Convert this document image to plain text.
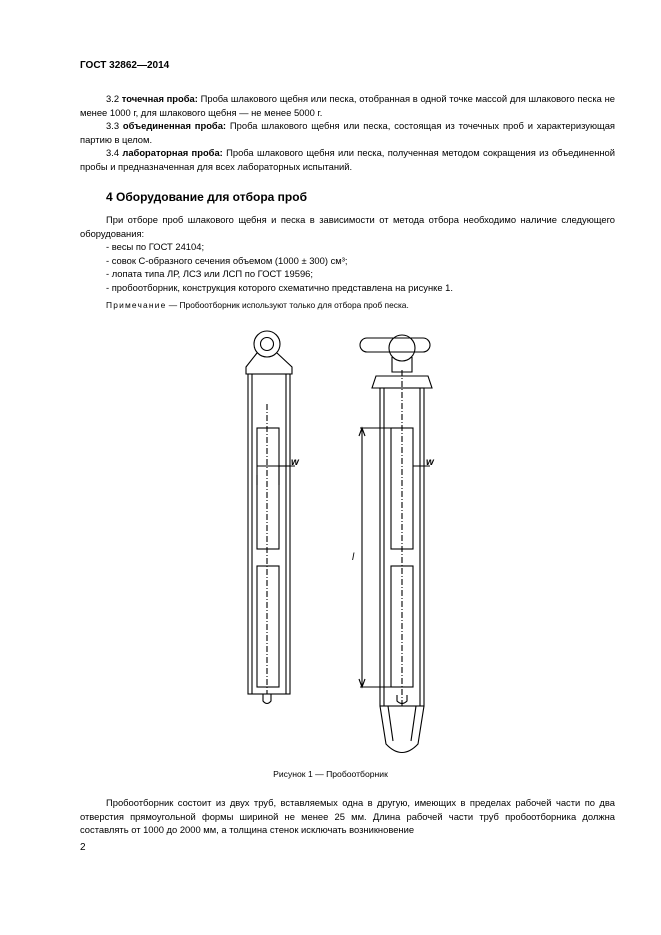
ГОСТ 32862—2014

3.2 точечная проба: Проба шлакового щебня или песка, отобранная в одной точке массой для шлакового песка не менее 1000 г, для шлакового щебня — не менее 5000 г.

3.3 объединенная проба: Проба шлакового щебня или песка, состоящая из точечных проб и характеризующая партию в целом.

3.4 лабораторная проба: Проба шлакового щебня или песка, полученная методом сокращения из объединенной пробы и предназначенная для всех лабораторных испытаний.

4 Оборудование для отбора проб

При отборе проб шлакового щебня и песка в зависимости от метода отбора необходимо наличие следующего оборудования:

- весы по ГОСТ 24104;

- совок С-образного сечения объемом (1000 ± 300) см³;

- лопата типа ЛР, ЛСЗ или ЛСП по ГОСТ 19596;

- пробоотборник, конструкция которого схематично представлена на рисунке 1.

Примечание — Пробоотборник используют только для отбора проб песка.

w	w
l
Рисунок 1 — Пробоотборник

Пробоотборник состоит из двух труб, вставляемых одна в другую, имеющих в пределах рабочей части по два отверстия прямоугольной формы шириной не менее 25 мм. Длина рабочей части труб пробоотборника должна составлять от 1000 до 2000 мм, а толщина стенок исключать возникновение

2
